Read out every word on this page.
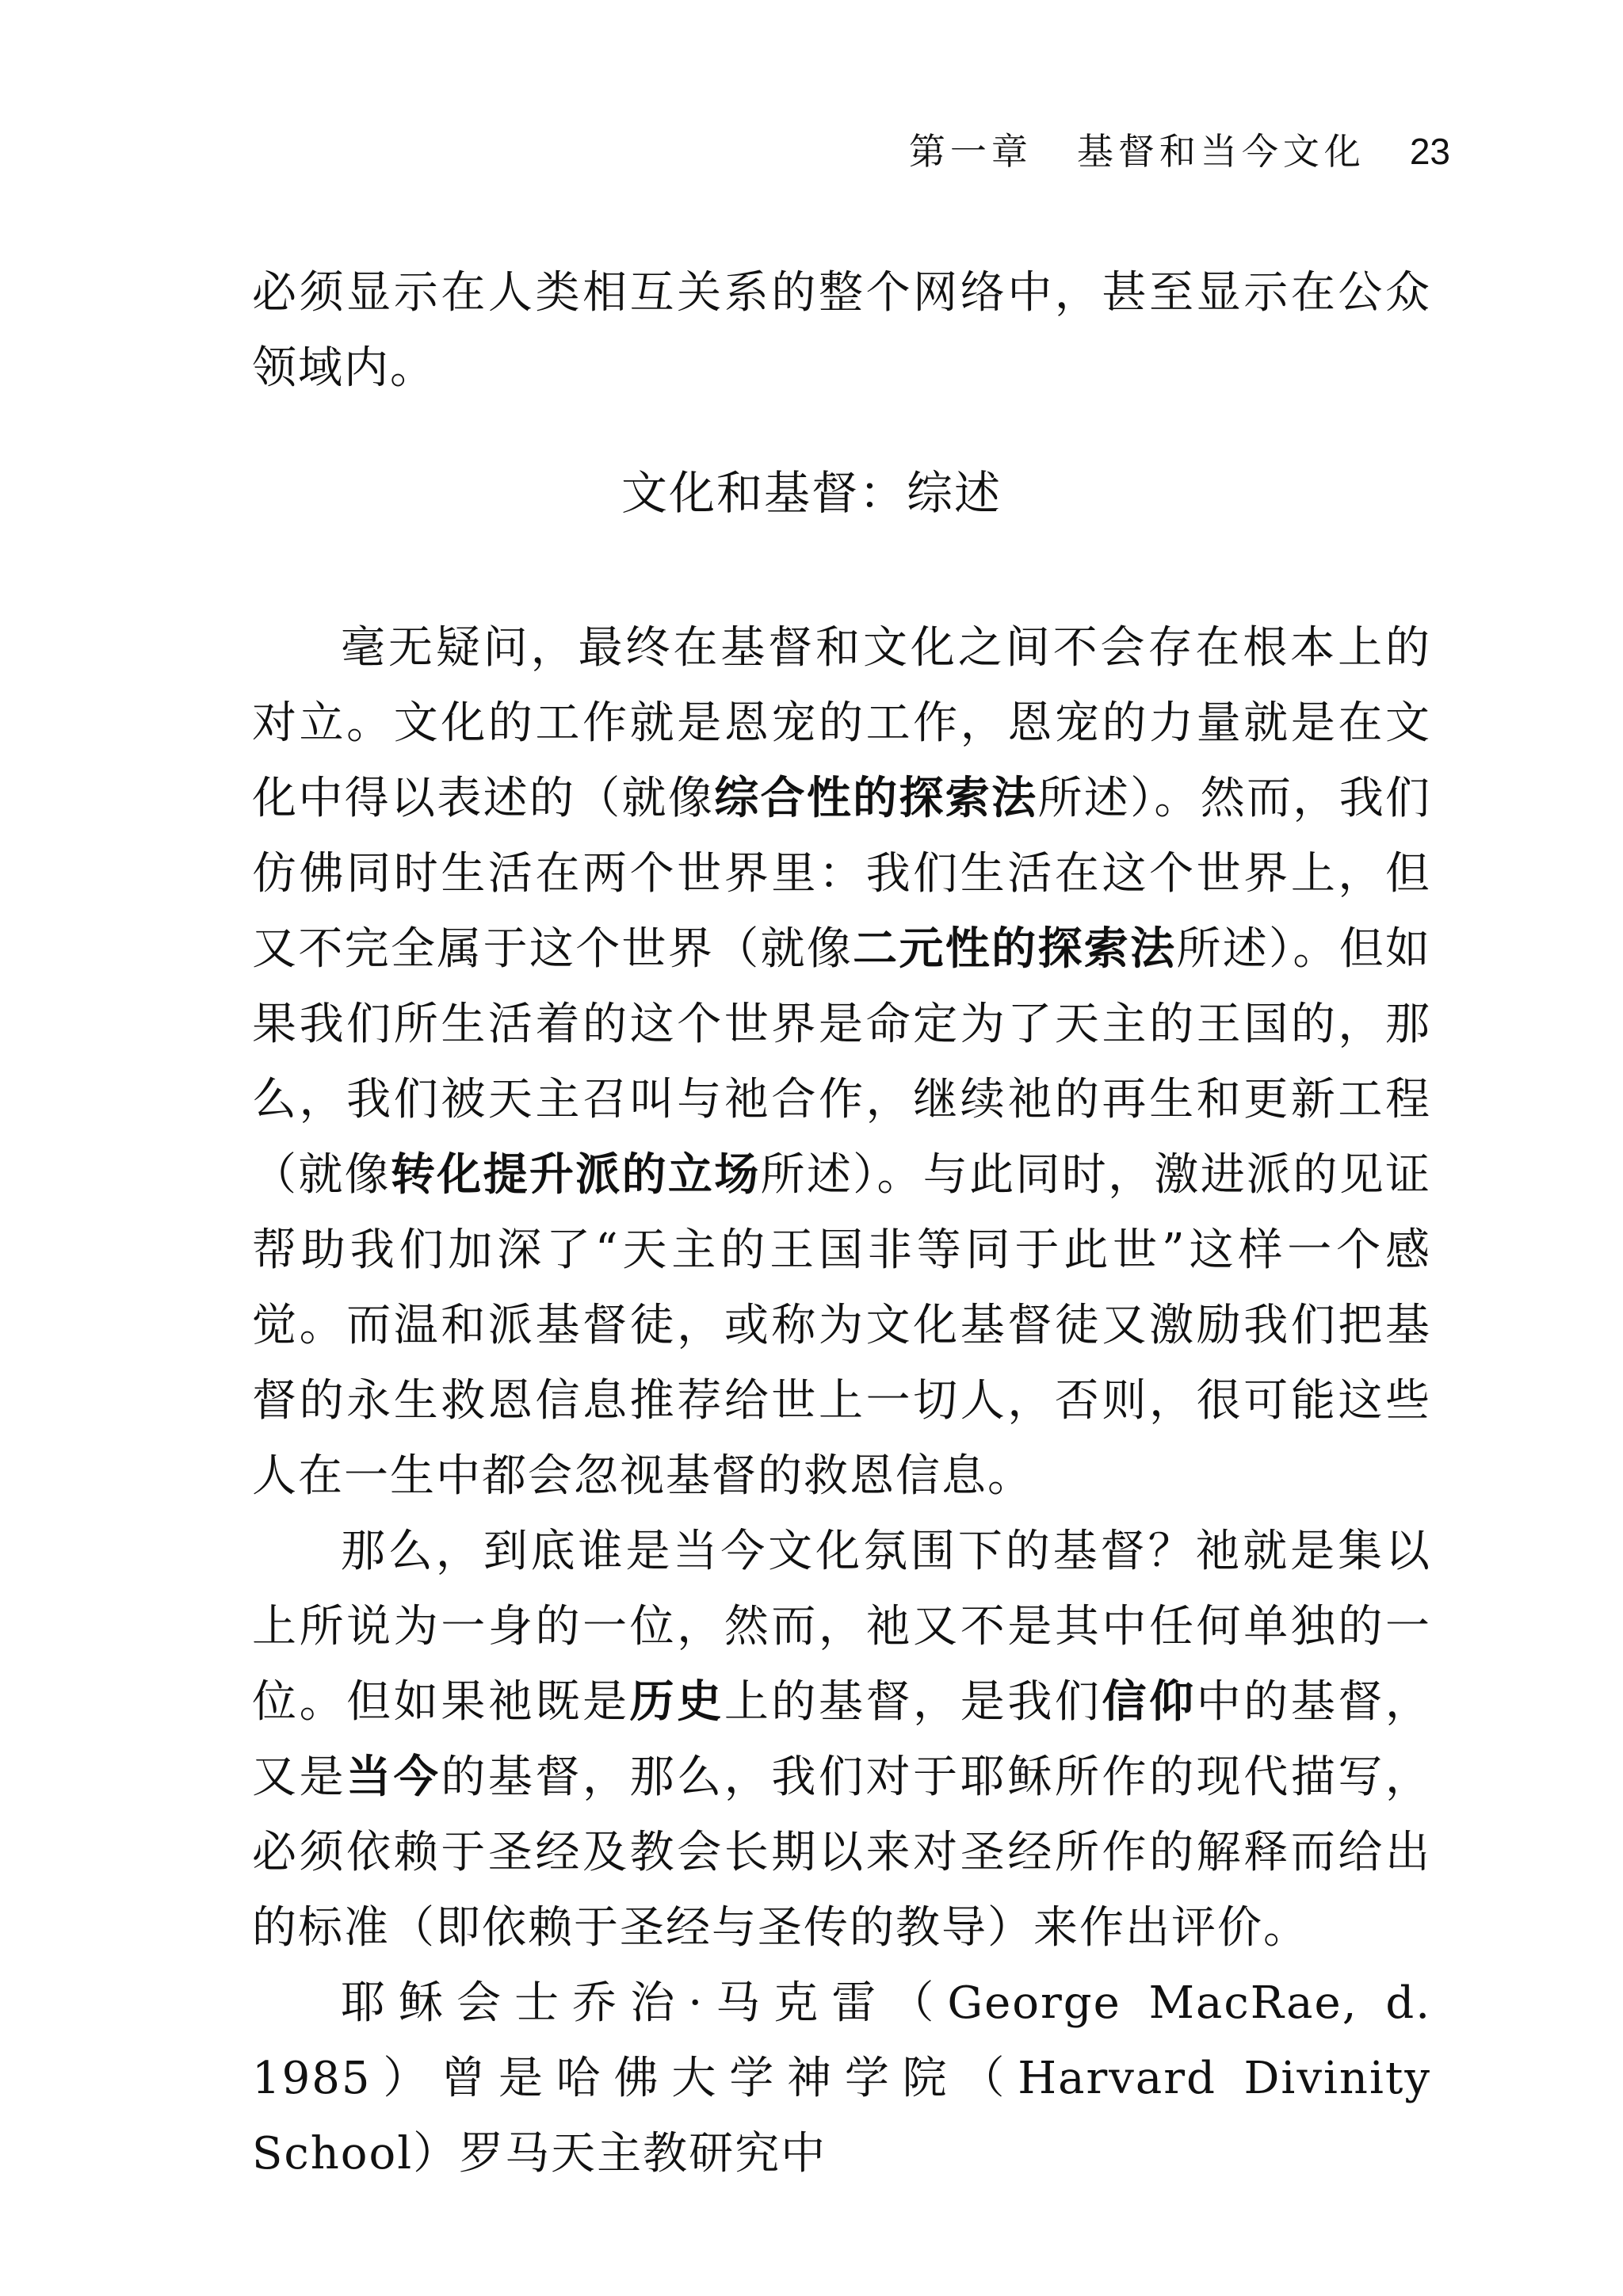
第一章 基督和当今文化 23

必须显示在人类相互关系的整个网络中，甚至显示在公众领域内。

文化和基督：综述

毫无疑问，最终在基督和文化之间不会存在根本上的对立。文化的工作就是恩宠的工作，恩宠的力量就是在文化中得以表述的（就像综合性的探索法所述）。然而，我们仿佛同时生活在两个世界里：我们生活在这个世界上，但又不完全属于这个世界（就像二元性的探索法所述）。但如果我们所生活着的这个世界是命定为了天主的王国的，那么，我们被天主召叫与祂合作，继续祂的再生和更新工程（就像转化提升派的立场所述）。与此同时，激进派的见证帮助我们加深了“天主的王国非等同于此世”这样一个感觉。而温和派基督徒，或称为文化基督徒又激励我们把基督的永生救恩信息推荐给世上一切人，否则，很可能这些人在一生中都会忽视基督的救恩信息。

那么，到底谁是当今文化氛围下的基督？祂就是集以上所说为一身的一位，然而，祂又不是其中任何单独的一位。但如果祂既是历史上的基督，是我们信仰中的基督，又是当今的基督，那么，我们对于耶稣所作的现代描写，必须依赖于圣经及教会长期以来对圣经所作的解释而给出的标准（即依赖于圣经与圣传的教导）来作出评价。

耶稣会士乔治·马克雷（George MacRae, d. 1985）曾是哈佛大学神学院（Harvard Divinity School）罗马天主教研究中
